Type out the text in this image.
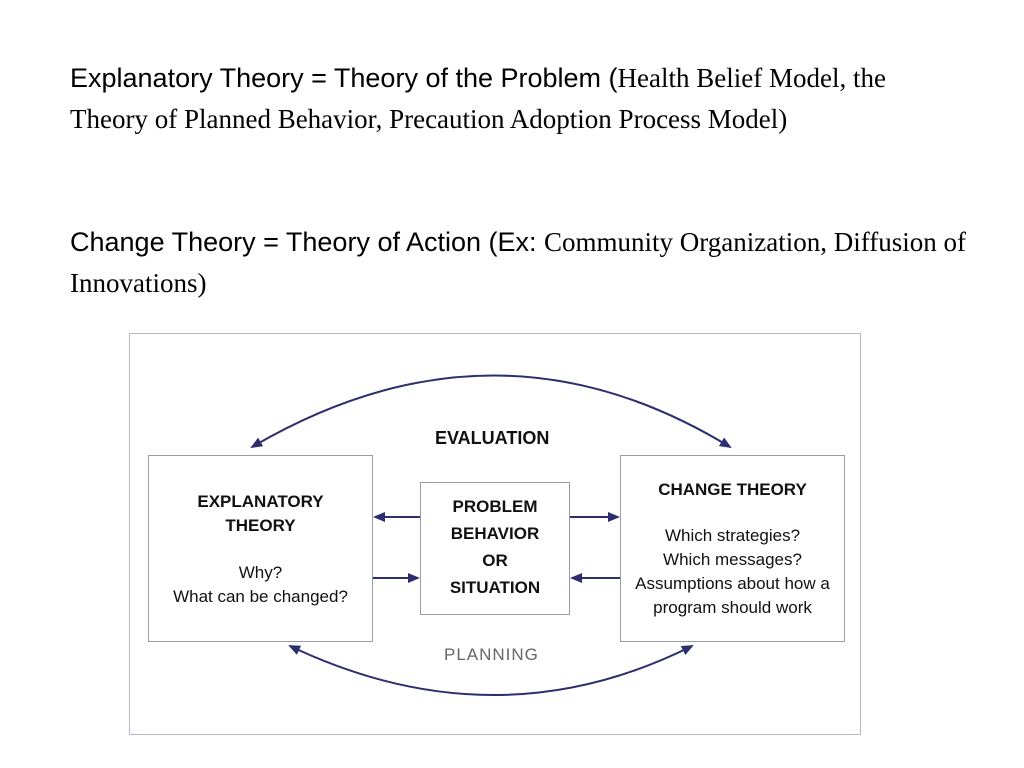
Explanatory Theory = Theory of the Problem (Health Belief Model, the Theory of Planned Behavior, Precaution Adoption Process Model)
Change Theory = Theory of Action (Ex: Community Organization, Diffusion of Innovations)
EVALUATION
EXPLANATORY
THEORY
Why?
What can be changed?
PROBLEM
BEHAVIOR
OR
SITUATION
CHANGE THEORY
Which strategies?
Which messages?
Assumptions about how a
program should work
PLANNING
